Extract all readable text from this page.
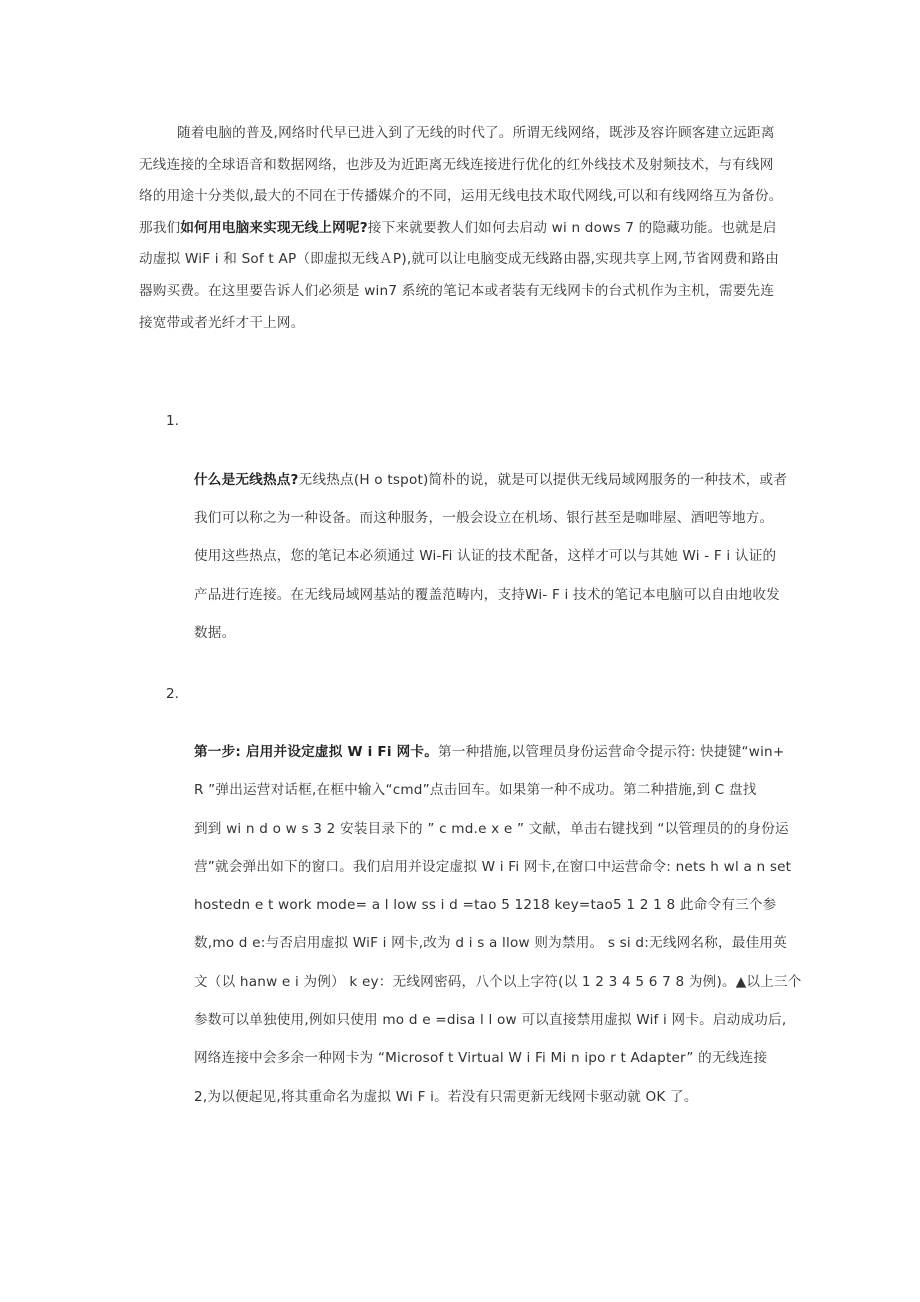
随着电脑的普及,网络时代早已进入到了无线的时代了。所谓无线网络，既涉及容许顾客建立远距离
无线连接的全球语音和数据网络，也涉及为近距离无线连接进行优化的红外线技术及射频技术，与有线网
络的用途十分类似,最大的不同在于传播媒介的不同，运用无线电技术取代网线,可以和有线网络互为备份。
那我们如何用电脑来实现无线上网呢?接下来就要教人们如何去启动 wi n dows 7 的隐藏功能。也就是启
动虚拟 WiF i 和 Sof t AP（即虚拟无线ＡP),就可以让电脑变成无线路由器,实现共享上网,节省网费和路由
器购买费。在这里要告诉人们必须是 win7 系统的笔记本或者装有无线网卡的台式机作为主机，需要先连
接宽带或者光纤才干上网。
1.
什么是无线热点?无线热点(H o tspot)简朴的说，就是可以提供无线局域网服务的一种技术，或者
我们可以称之为一种设备。而这种服务，一般会设立在机场、银行甚至是咖啡屋、酒吧等地方。
使用这些热点，您的笔记本必须通过 Wi-Fi 认证的技术配备，这样才可以与其她 Wi - F i 认证的
产品进行连接。在无线局域网基站的覆盖范畴内，支持Wi- F i 技术的笔记本电脑可以自由地收发
数据。
2.
第一步: 启用并设定虚拟 W i Fi 网卡。第一种措施,以管理员身份运营命令提示符: 快捷键“win+
R ”弹出运营对话框,在框中输入“cmd”点击回车。如果第一种不成功。第二种措施,到 C 盘找
到到 wi n d o w s 3 2 安装目录下的 ” c md.e x e ” 文献，单击右键找到 “以管理员的的身份运
营”就会弹出如下的窗口。我们启用并设定虚拟 W i Fi 网卡,在窗口中运营命令: nets h wl a n set
hostedn e t work mode= a l low ss i d =tao 5 1218 key=tao5 1 2 1 8 此命令有三个参
数,mo d e:与否启用虚拟 WiF i 网卡,改为 d i s a llow 则为禁用。 s si d:无线网名称，最佳用英
文（以 hanw e i 为例） k ey：无线网密码，八个以上字符(以 1 2 3 4 5 6 7 8 为例)。▲以上三个
参数可以单独使用,例如只使用 mo d e =disa l l ow 可以直接禁用虚拟 Wif i 网卡。启动成功后,
网络连接中会多余一种网卡为 “Microsof t Virtual W i Fi Mi n ipo r t Adapter” 的无线连接
2,为以便起见,将其重命名为虚拟 Wi F i。若没有只需更新无线网卡驱动就 OK 了。
